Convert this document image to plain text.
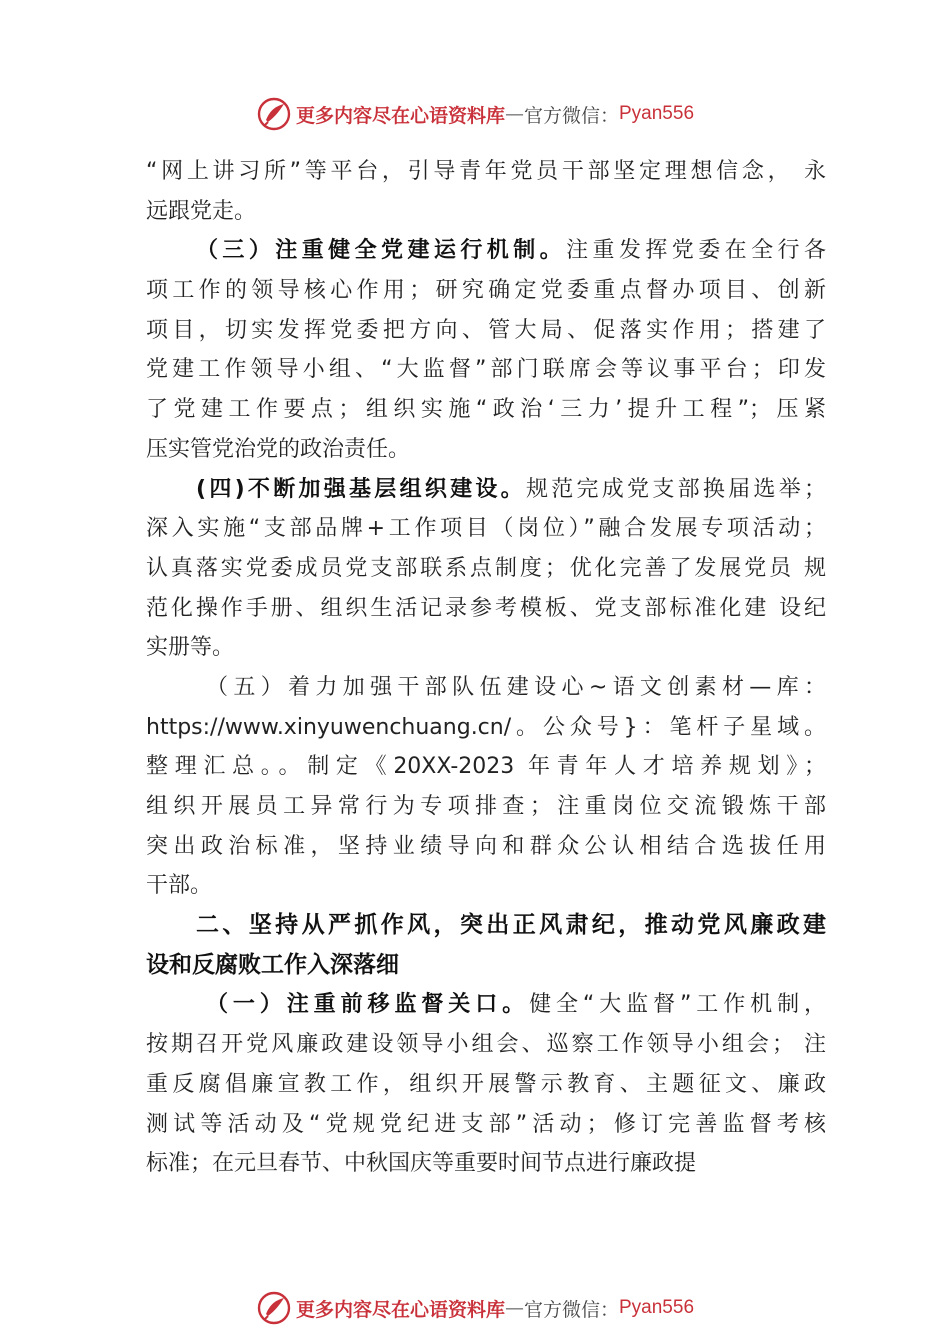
更多内容尽在心语资料库 — 官方微信： Pyan556
“网上讲习所”等平台，引导青年党员干部坚定理想信念， 永
远跟党走。
（三）注重健全党建运行机制。注重发挥党委在全行各
项工作的领导核心作用；研究确定党委重点督办项目、创新
项目，切实发挥党委把方向、管大局、促落实作用；搭建了
党建工作领导小组、“大监督”部门联席会等议事平台；印发
了党建工作要点；组织实施“政治‘三力’提升工程”；压紧
压实管党治党的政治责任。
(四)不断加强基层组织建设。规范完成党支部换届选举；
深入实施“支部品牌+工作项目（岗位）”融合发展专项活动；
认真落实党委成员党支部联系点制度；优化完善了发展党员 规
范化操作手册、组织生活记录参考模板、党支部标准化建 设纪
实册等。
（五）着力加强干部队伍建设心~语文创素材—库：
https://www.xinyuwenchuang.cn/。公众号}：笔杆子星域。
整理汇总。。制定《20XX-2023 年青年人才培养规划》；
组织开展员工异常行为专项排查；注重岗位交流锻炼干部
突出政治标准，坚持业绩导向和群众公认相结合选拔任用
干部。
二、坚持从严抓作风，突出正风肃纪，推动党风廉政建
设和反腐败工作入深落细
（一）注重前移监督关口。健全“大监督”工作机制，
按期召开党风廉政建设领导小组会、巡察工作领导小组会； 注
重反腐倡廉宣教工作，组织开展警示教育、主题征文、廉政
测试等活动及“党规党纪进支部”活动；修订完善监督考核
标准；在元旦春节、中秋国庆等重要时间节点进行廉政提
更多内容尽在心语资料库 — 官方微信： Pyan556
